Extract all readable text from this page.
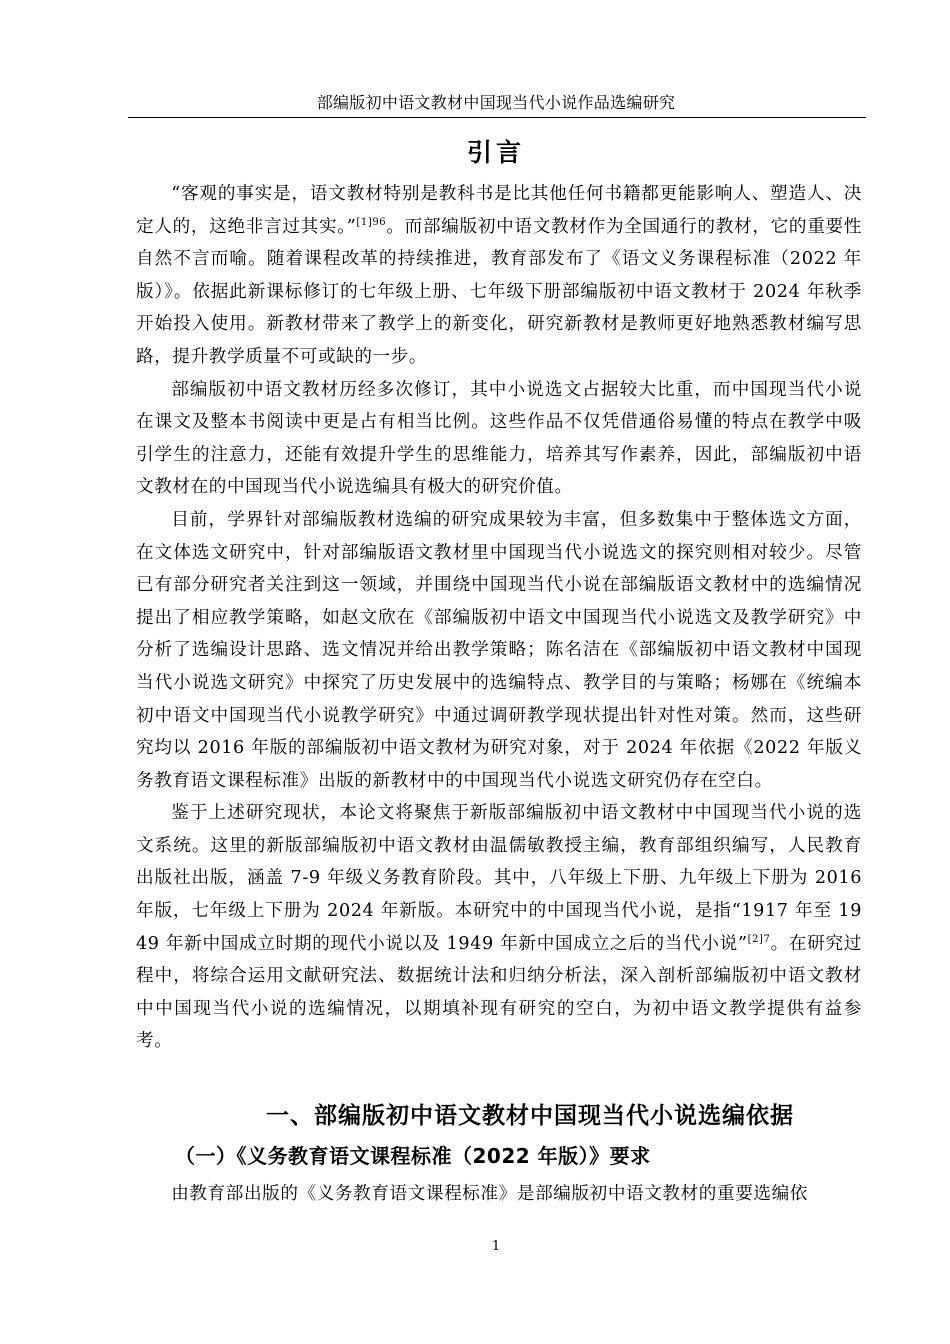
部编版初中语文教材中国现当代小说作品选编研究
引言

“客观的事实是，语文教材特别是教科书是比其他任何书籍都更能影响人、塑造人、决定人的，这绝非言过其实。”$^{[1]96}$。而部编版初中语文教材作为全国通行的教材，它的重要性自然不言而喻。随着课程改革的持续推进，教育部发布了《语文义务课程标准（2022 年版）》。依据此新课标修订的七年级上册、七年级下册部编版初中语文教材于 2024 年秋季开始投入使用。新教材带来了教学上的新变化，研究新教材是教师更好地熟悉教材编写思路，提升教学质量不可或缺的一步。

部编版初中语文教材历经多次修订，其中小说选文占据较大比重，而中国现当代小说在课文及整本书阅读中更是占有相当比例。这些作品不仅凭借通俗易懂的特点在教学中吸引学生的注意力，还能有效提升学生的思维能力，培养其写作素养，因此，部编版初中语文教材在的中国现当代小说选编具有极大的研究价值。

目前，学界针对部编版教材选编的研究成果较为丰富，但多数集中于整体选文方面，在文体选文研究中，针对部编版语文教材里中国现当代小说选文的探究则相对较少。尽管已有部分研究者关注到这一领域，并围绕中国现当代小说在部编版语文教材中的选编情况提出了相应教学策略，如赵文欣在《部编版初中语文中国现当代小说选文及教学研究》中分析了选编设计思路、选文情况并给出教学策略；陈名洁在《部编版初中语文教材中国现当代小说选文研究》中探究了历史发展中的选编特点、教学目的与策略；杨娜在《统编本初中语文中国现当代小说教学研究》中通过调研教学现状提出针对性对策。然而，这些研究均以 2016 年版的部编版初中语文教材为研究对象，对于 2024 年依据《2022 年版义务教育语文课程标准》出版的新教材中的中国现当代小说选文研究仍存在空白。

鉴于上述研究现状，本论文将聚焦于新版部编版初中语文教材中中国现当代小说的选文系统。这里的新版部编版初中语文教材由温儒敏教授主编，教育部组织编写，人民教育出版社出版，涵盖 7-9 年级义务教育阶段。其中，八年级上下册、九年级上下册为 2016 年版，七年级上下册为 2024 年新版。本研究中的中国现当代小说，是指“1917 年至 1949 年新中国成立时期的现代小说以及 1949 年新中国成立之后的当代小说”$^{[2]7}$。在研究过程中，将综合运用文献研究法、数据统计法和归纳分析法，深入剖析部编版初中语文教材中中国现当代小说的选编情况，以期填补现有研究的空白，为初中语文教学提供有益参考。

一、部编版初中语文教材中国现当代小说选编依据
（一）《义务教育语文课程标准（2022 年版）》要求

由教育部出版的《义务教育语文课程标准》是部编版初中语文教材的重要选编依

1
